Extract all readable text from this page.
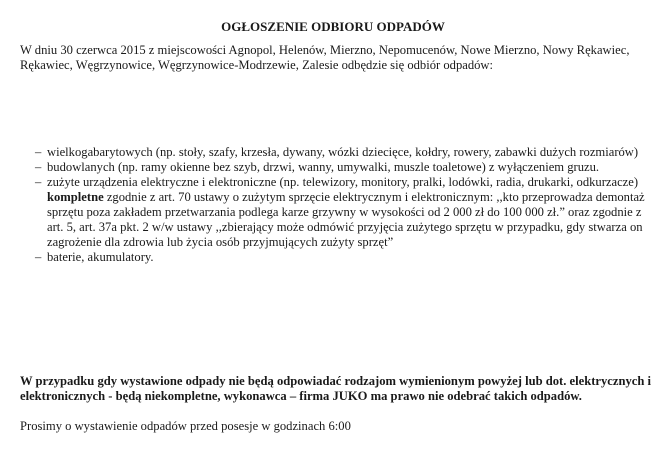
OGŁOSZENIE ODBIORU ODPADÓW
W dniu 30 czerwca 2015 z miejscowości Agnopol, Helenów, Mierzno, Nepomucenów, Nowe Mierzno, Nowy Rękawiec, Rękawiec, Węgrzynowice, Węgrzynowice-Modrzewie, Zalesie odbędzie się odbiór odpadów:
– wielkogabarytowych (np. stoły, szafy, krzesła, dywany, wózki dziecięce, kołdry, rowery, zabawki dużych rozmiarów)
– budowlanych (np. ramy okienne bez szyb, drzwi, wanny, umywalki, muszle toaletowe) z wyłączeniem gruzu.
– zużyte urządzenia elektryczne i elektroniczne (np. telewizory, monitory, pralki, lodówki, radia, drukarki, odkurzacze) kompletne zgodnie z art. 70 ustawy o zużytym sprzęcie elektrycznym i elektronicznym: ,,kto przeprowadza demontaż sprzętu poza zakładem przetwarzania podlega karze grzywny w wysokości od 2 000 zł do 100 000 zł.” oraz zgodnie z art. 5, art. 37a pkt. 2 w/w ustawy ,,zbierający może odmówić przyjęcia zużytego sprzętu w przypadku, gdy stwarza on zagrożenie dla zdrowia lub życia osób przyjmujących zużyty sprzęt”
– baterie, akumulatory.
W przypadku gdy wystawione odpady nie będą odpowiadać rodzajom wymienionym powyżej lub dot. elektrycznych i elektronicznych - będą niekompletne, wykonawca – firma JUKO ma prawo nie odebrać takich odpadów.
Prosimy o wystawienie odpadów przed posesje w godzinach 6:00
